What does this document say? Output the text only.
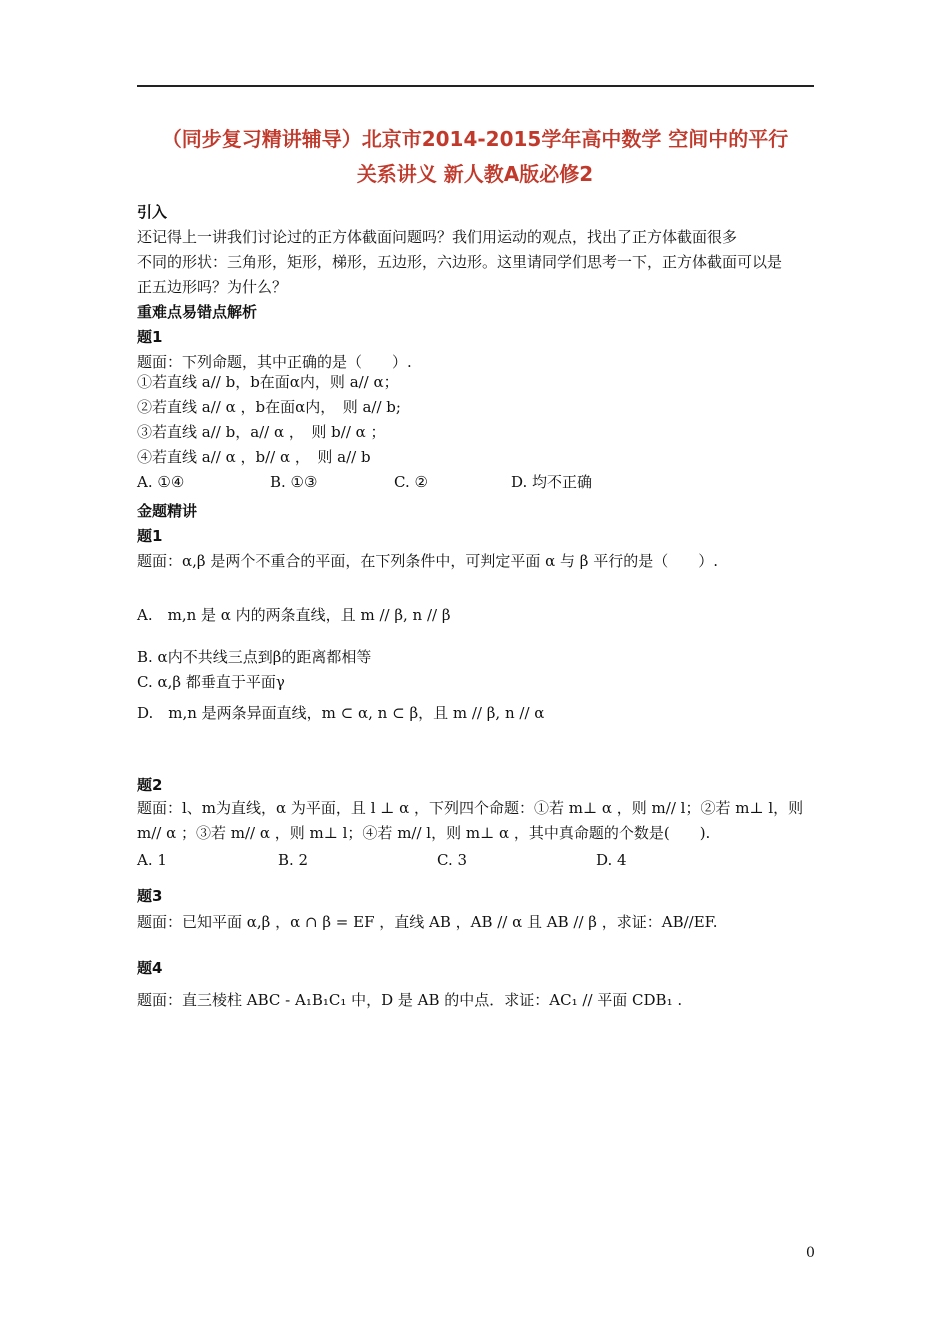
（同步复习精讲辅导）北京市2014-2015学年高中数学 空间中的平行
关系讲义 新人教A版必修2
引入
还记得上一讲我们讨论过的正方体截面问题吗？我们用运动的观点，找出了正方体截面很多
不同的形状：三角形，矩形，梯形，五边形，六边形。这里请同学们思考一下，正方体截面可以是
正五边形吗？为什么？
重难点易错点解析
题1
题面：下列命题，其中正确的是（　　）.
①若直线 a// b，b在面α内，则 a// α；
②若直线 a// α ，b在面α内，　则 a// b;
③若直线 a// b，a// α ，　则 b// α ；
④若直线 a// α ，b// α ，　则 a// b
A. ①④	B. ①③	C. ②	D. 均不正确
金题精讲
题1
题面：α,β 是两个不重合的平面，在下列条件中，可判定平面 α 与 β 平行的是（　　）.
A.　m,n 是 α 内的两条直线，且 m // β, n // β
B. α内不共线三点到β的距离都相等
C. α,β 都垂直于平面γ
D.　m,n 是两条异面直线，m ⊂ α, n ⊂ β，且 m // β, n // α
题2
题面：l、m为直线，α 为平面，且 l ⊥ α ，下列四个命题：①若 m⊥ α ，则 m// l；②若 m⊥ l，则
m// α ；③若 m// α ，则 m⊥ l；④若 m// l，则 m⊥ α ，其中真命题的个数是(　　).
A. 1	B. 2	C. 3	D. 4
题3
题面：已知平面 α,β ，α ∩ β = EF ，直线 AB ，AB // α 且 AB // β ，求证：AB//EF.
题4
题面：直三棱柱 ABC - A₁B₁C₁ 中，D 是 AB 的中点．求证：AC₁ // 平面 CDB₁ .
0
